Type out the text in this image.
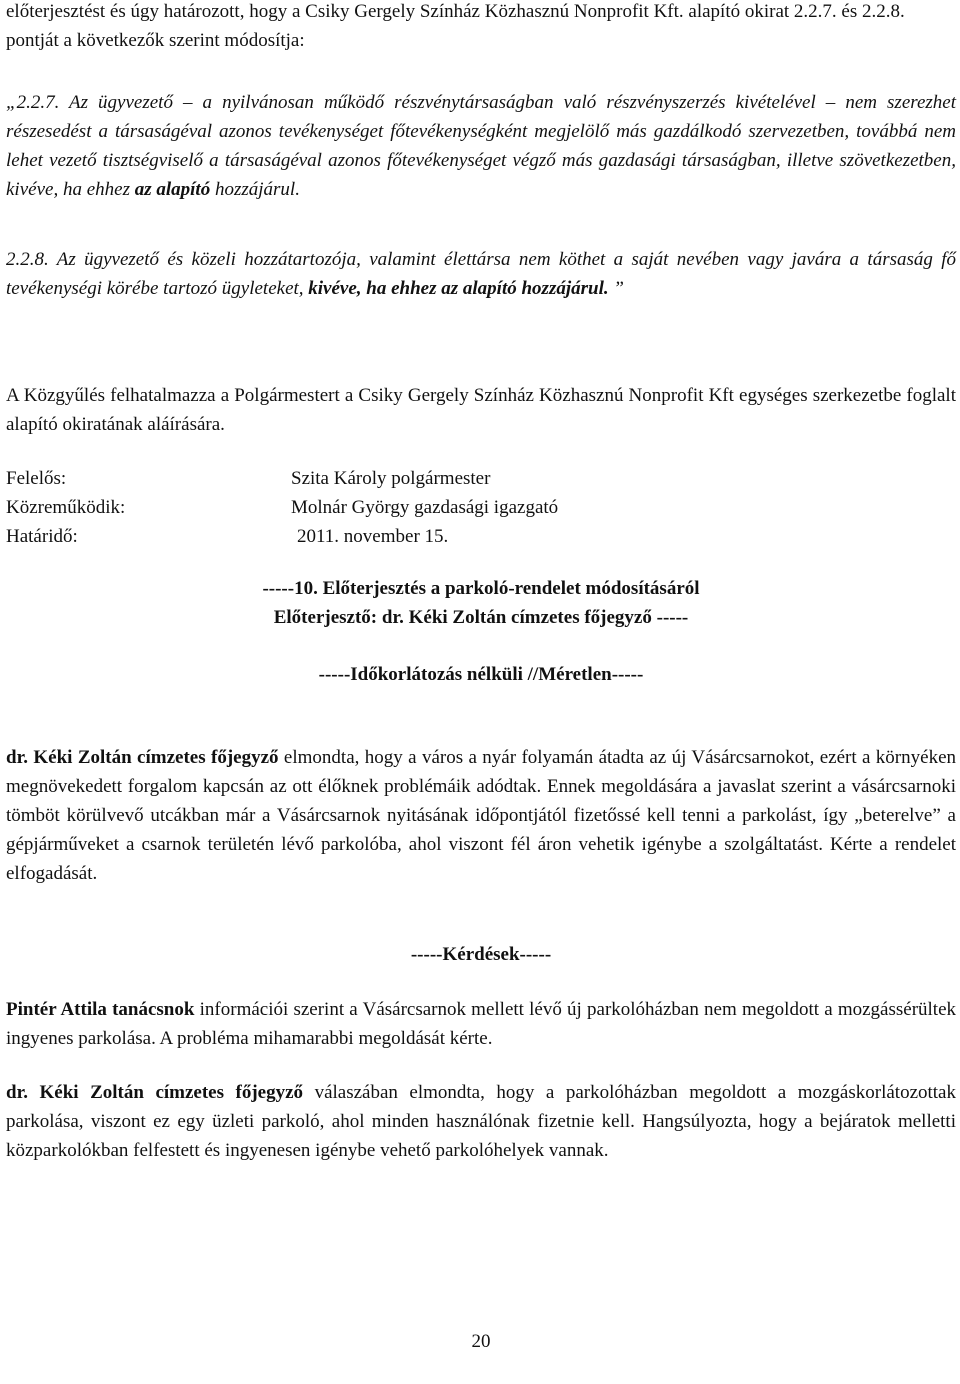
előterjesztést és úgy határozott, hogy a Csiky Gergely Színház Közhasznú Nonprofit Kft. alapító okirat 2.2.7. és 2.2.8. pontját a következők szerint módosítja:

„2.2.7. Az ügyvezető – a nyilvánosan működő részvénytársaságban való részvényszerzés kivételével – nem szerezhet részesedést a társaságéval azonos tevékenységet főtevékenységként megjelölő más gazdálkodó szervezetben, továbbá nem lehet vezető tisztségviselő a társaságéval azonos főtevékenységet végző más gazdasági társaságban, illetve szövetkezetben, kivéve, ha ehhez az alapító hozzájárul.

2.2.8. Az ügyvezető és közeli hozzátartozója, valamint élettársa nem köthet a saját nevében vagy javára a társaság fő tevékenységi körébe tartozó ügyleteket, kivéve, ha ehhez az alapító hozzájárul. ”

A Közgyűlés felhatalmazza a Polgármestert a Csiky Gergely Színház Közhasznú Nonprofit Kft egységes szerkezetbe foglalt alapító okiratának aláírására.

Felelős:	Szita Károly polgármester
Közreműködik:	Molnár György gazdasági igazgató
Határidő:	2011. november 15.

-----10. Előterjesztés a parkoló-rendelet módosításáról

Előterjesztő: dr. Kéki Zoltán címzetes főjegyző -----

-----Időkorlátozás nélküli //Méretlen-----

dr. Kéki Zoltán címzetes főjegyző elmondta, hogy a város a nyár folyamán átadta az új Vásárcsarnokot, ezért a környéken megnövekedett forgalom kapcsán az ott élőknek problémáik adódtak. Ennek megoldására a javaslat szerint a vásárcsarnoki tömböt körülvevő utcákban már a Vásárcsarnok nyitásának időpontjától fizetőssé kell tenni a parkolást, így „beterelve” a gépjárműveket a csarnok területén lévő parkolóba, ahol viszont fél áron vehetik igénybe a szolgáltatást. Kérte a rendelet elfogadását.

-----Kérdések-----

Pintér Attila tanácsnok információi szerint a Vásárcsarnok mellett lévő új parkolóházban nem megoldott a mozgássérültek ingyenes parkolása. A probléma mihamarabbi megoldását kérte.

dr. Kéki Zoltán címzetes főjegyző válaszában elmondta, hogy a parkolóházban megoldott a mozgáskorlátozottak parkolása, viszont ez egy üzleti parkoló, ahol minden használónak fizetnie kell. Hangsúlyozta, hogy a bejáratok melletti közparkolókban felfestett és ingyenesen igénybe vehető parkolóhelyek vannak.

20
